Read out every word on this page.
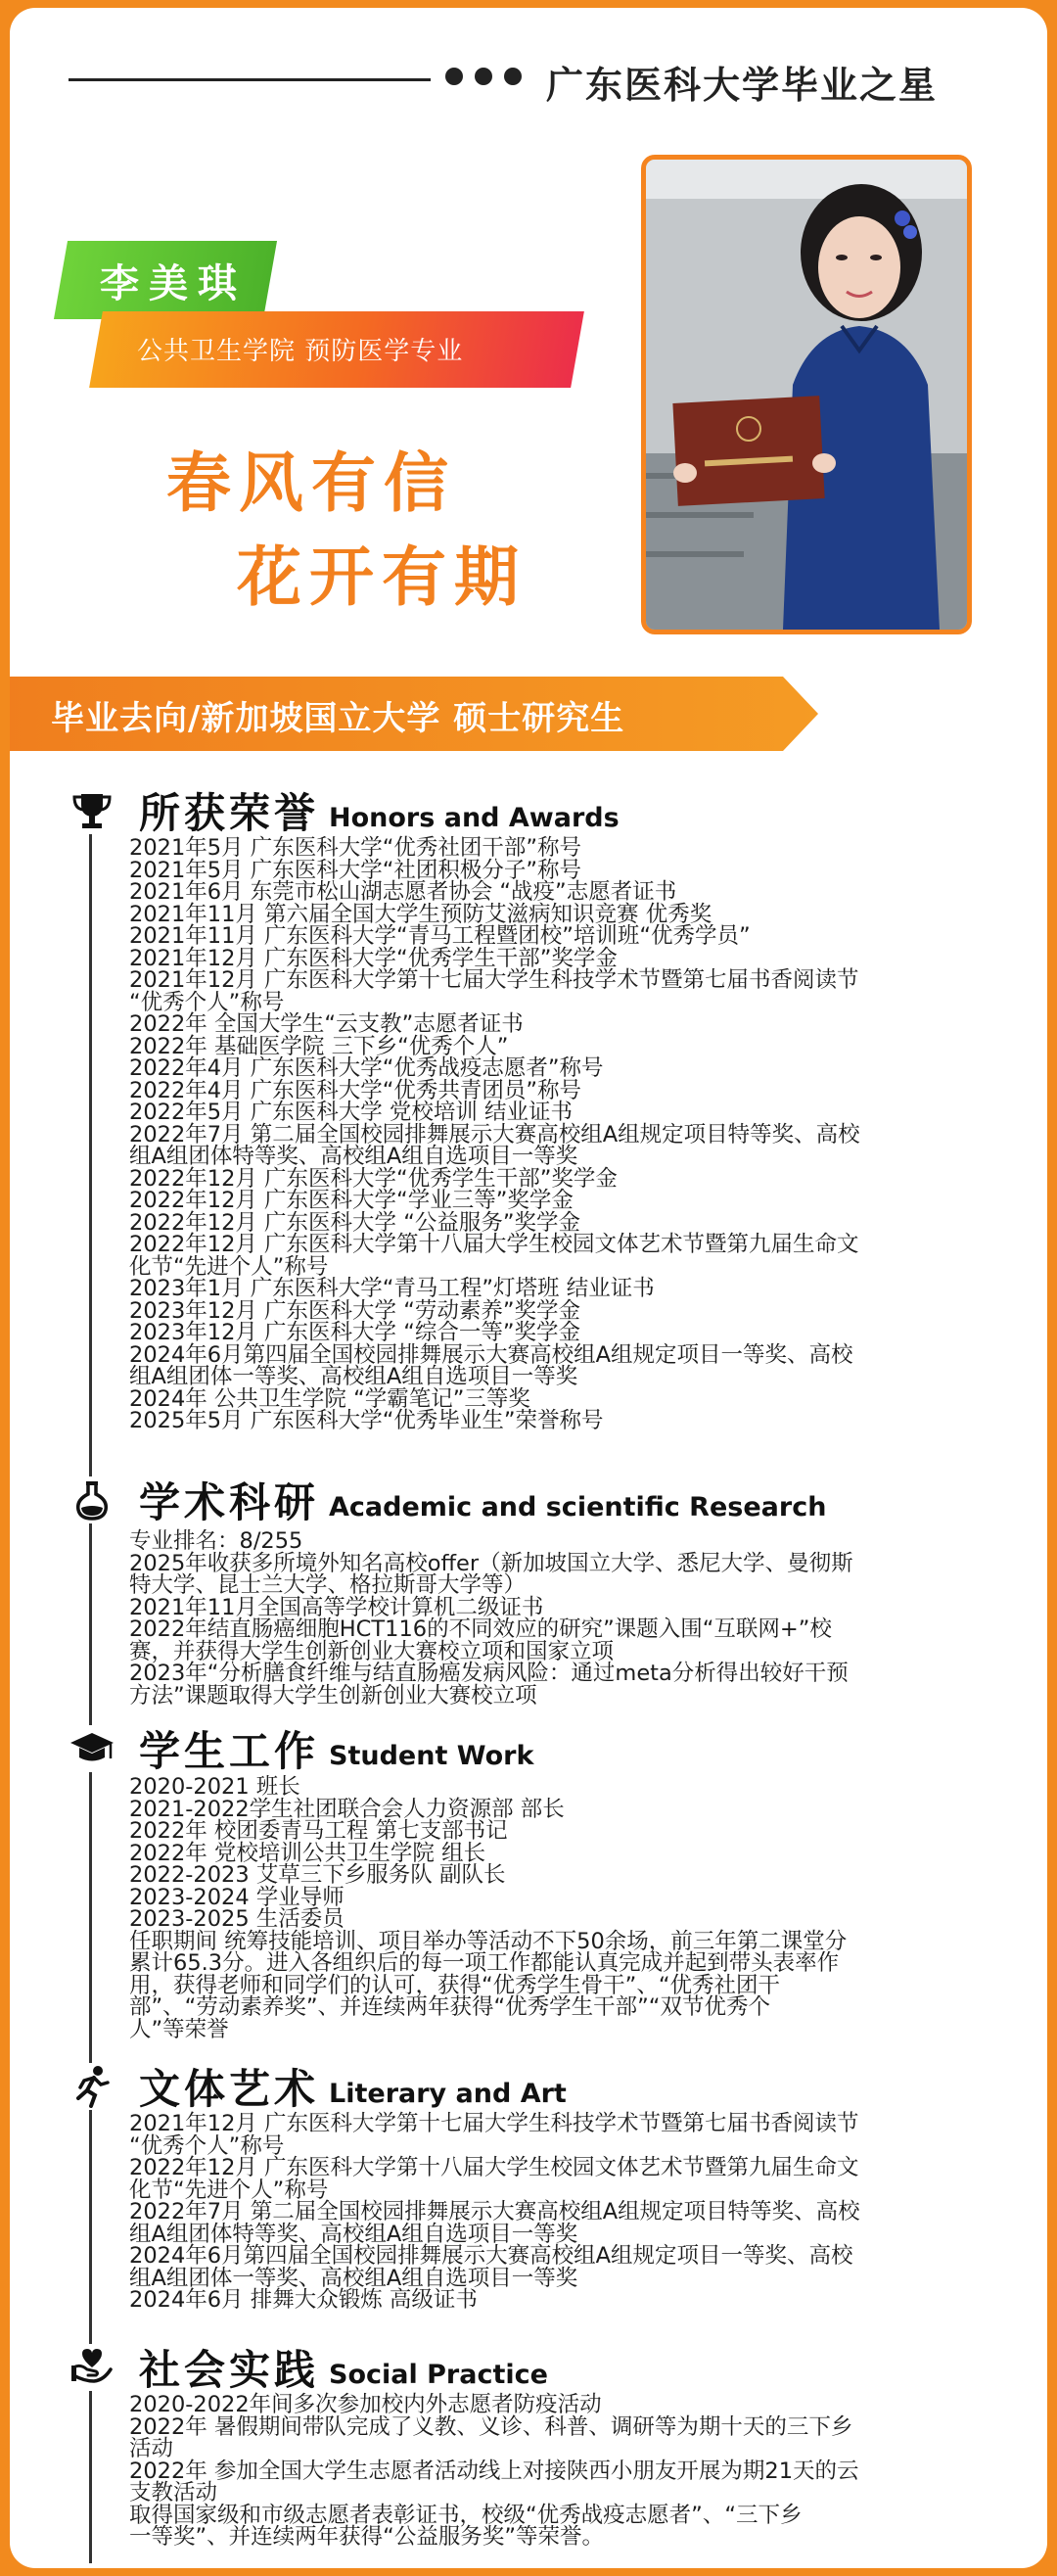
广东医科大学毕业之星
李美琪
公共卫生学院 预防医学专业
春风有信
花开有期
毕业去向/新加坡国立大学 硕士研究生
所获荣誉 Honors and Awards
2021年5月 广东医科大学“优秀社团干部”称号
2021年5月 广东医科大学“社团积极分子”称号
2021年6月 东莞市松山湖志愿者协会 “战疫”志愿者证书
2021年11月 第六届全国大学生预防艾滋病知识竞赛 优秀奖
2021年11月 广东医科大学“青马工程暨团校”培训班“优秀学员”
2021年12月 广东医科大学“优秀学生干部”奖学金
2021年12月 广东医科大学第十七届大学生科技学术节暨第七届书香阅读节
“优秀个人”称号
2022年 全国大学生“云支教”志愿者证书
2022年 基础医学院 三下乡“优秀个人”
2022年4月 广东医科大学“优秀战疫志愿者”称号
2022年4月 广东医科大学“优秀共青团员”称号
2022年5月 广东医科大学 党校培训 结业证书
2022年7月 第二届全国校园排舞展示大赛高校组A组规定项目特等奖、高校
组A组团体特等奖、高校组A组自选项目一等奖
2022年12月 广东医科大学“优秀学生干部”奖学金
2022年12月 广东医科大学“学业三等”奖学金
2022年12月 广东医科大学 “公益服务”奖学金
2022年12月 广东医科大学第十八届大学生校园文体艺术节暨第九届生命文
化节“先进个人”称号
2023年1月 广东医科大学“青马工程”灯塔班 结业证书
2023年12月 广东医科大学 “劳动素养”奖学金
2023年12月 广东医科大学 “综合一等”奖学金
2024年6月第四届全国校园排舞展示大赛高校组A组规定项目一等奖、高校
组A组团体一等奖、高校组A组自选项目一等奖
2024年 公共卫生学院 “学霸笔记”三等奖
2025年5月 广东医科大学“优秀毕业生”荣誉称号
学术科研 Academic and scientific Research
专业排名：8/255
2025年收获多所境外知名高校offer（新加坡国立大学、悉尼大学、曼彻斯
特大学、昆士兰大学、格拉斯哥大学等）
2021年11月全国高等学校计算机二级证书
2022年结直肠癌细胞HCT116的不同效应的研究”课题入围“互联网+”校
赛，并获得大学生创新创业大赛校立项和国家立项
2023年“分析膳食纤维与结直肠癌发病风险：通过meta分析得出较好干预
方法”课题取得大学生创新创业大赛校立项
学生工作 Student Work
2020-2021 班长
2021-2022学生社团联合会人力资源部 部长
2022年 校团委青马工程 第七支部书记
2022年 党校培训公共卫生学院 组长
2022-2023 艾草三下乡服务队 副队长
2023-2024 学业导师
2023-2025 生活委员
任职期间 统筹技能培训、项目举办等活动不下50余场，前三年第二课堂分
累计65.3分。进入各组织后的每一项工作都能认真完成并起到带头表率作
用，获得老师和同学们的认可，获得“优秀学生骨干”、“优秀社团干
部”、“劳动素养奖”、并连续两年获得“优秀学生干部”“双节优秀个
人”等荣誉
文体艺术 Literary and Art
2021年12月 广东医科大学第十七届大学生科技学术节暨第七届书香阅读节
“优秀个人”称号
2022年12月 广东医科大学第十八届大学生校园文体艺术节暨第九届生命文
化节“先进个人”称号
2022年7月 第二届全国校园排舞展示大赛高校组A组规定项目特等奖、高校
组A组团体特等奖、高校组A组自选项目一等奖
2024年6月第四届全国校园排舞展示大赛高校组A组规定项目一等奖、高校
组A组团体一等奖、高校组A组自选项目一等奖
2024年6月 排舞大众锻炼 高级证书
社会实践 Social Practice
2020-2022年间多次参加校内外志愿者防疫活动
2022年 暑假期间带队完成了义教、义诊、科普、调研等为期十天的三下乡
活动
2022年 参加全国大学生志愿者活动线上对接陕西小朋友开展为期21天的云
支教活动
取得国家级和市级志愿者表彰证书，校级“优秀战疫志愿者”、“三下乡
一等奖”、并连续两年获得“公益服务奖”等荣誉。
